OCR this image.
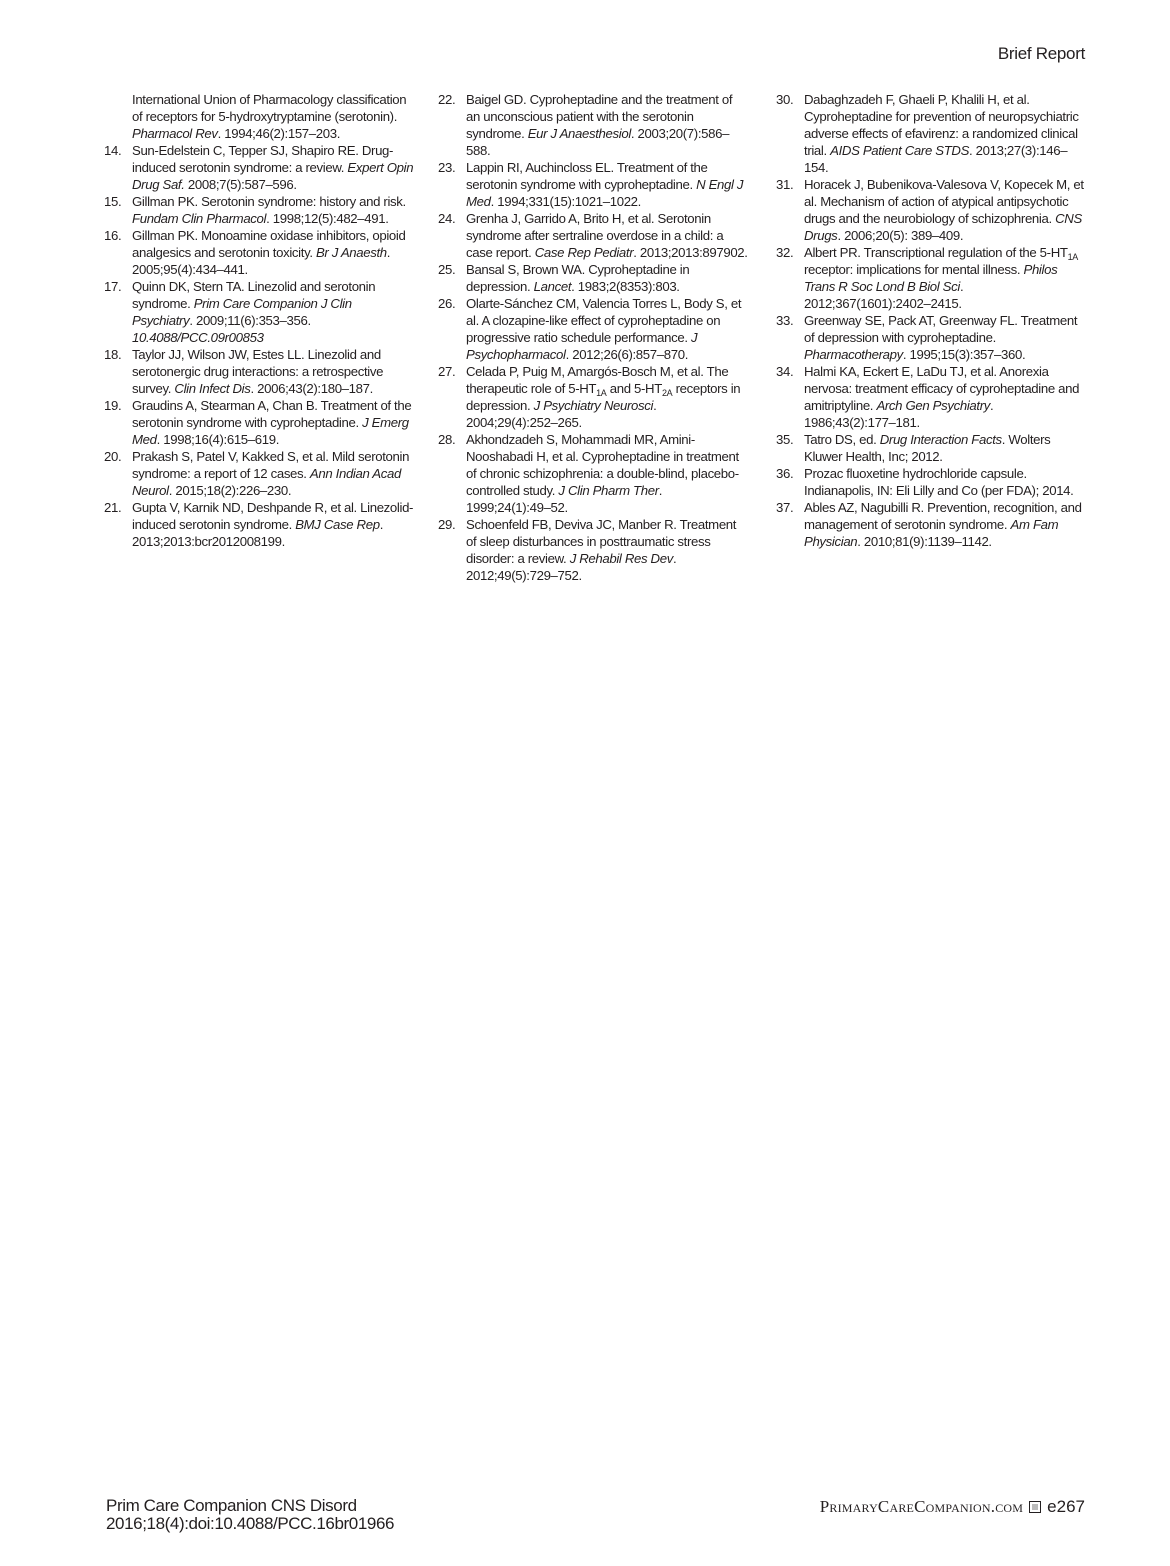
Brief Report
International Union of Pharmacology classification of receptors for 5-hydroxytryptamine (serotonin). Pharmacol Rev. 1994;46(2):157–203.
14. Sun-Edelstein C, Tepper SJ, Shapiro RE. Drug-induced serotonin syndrome: a review. Expert Opin Drug Saf. 2008;7(5):587–596.
15. Gillman PK. Serotonin syndrome: history and risk. Fundam Clin Pharmacol. 1998;12(5):482–491.
16. Gillman PK. Monoamine oxidase inhibitors, opioid analgesics and serotonin toxicity. Br J Anaesth. 2005;95(4):434–441.
17. Quinn DK, Stern TA. Linezolid and serotonin syndrome. Prim Care Companion J Clin Psychiatry. 2009;11(6):353–356. 10.4088/PCC.09r00853
18. Taylor JJ, Wilson JW, Estes LL. Linezolid and serotonergic drug interactions: a retrospective survey. Clin Infect Dis. 2006;43(2):180–187.
19. Graudins A, Stearman A, Chan B. Treatment of the serotonin syndrome with cyproheptadine. J Emerg Med. 1998;16(4):615–619.
20. Prakash S, Patel V, Kakked S, et al. Mild serotonin syndrome: a report of 12 cases. Ann Indian Acad Neurol. 2015;18(2):226–230.
21. Gupta V, Karnik ND, Deshpande R, et al. Linezolid-induced serotonin syndrome. BMJ Case Rep. 2013;2013:bcr2012008199.
22. Baigel GD. Cyproheptadine and the treatment of an unconscious patient with the serotonin syndrome. Eur J Anaesthesiol. 2003;20(7):586–588.
23. Lappin RI, Auchincloss EL. Treatment of the serotonin syndrome with cyproheptadine. N Engl J Med. 1994;331(15):1021–1022.
24. Grenha J, Garrido A, Brito H, et al. Serotonin syndrome after sertraline overdose in a child: a case report. Case Rep Pediatr. 2013;2013:897902.
25. Bansal S, Brown WA. Cyproheptadine in depression. Lancet. 1983;2(8353):803.
26. Olarte-Sánchez CM, Valencia Torres L, Body S, et al. A clozapine-like effect of cyproheptadine on progressive ratio schedule performance. J Psychopharmacol. 2012;26(6):857–870.
27. Celada P, Puig M, Amargós-Bosch M, et al. The therapeutic role of $5-HT_{1A}$ and $5-HT_{2A}$ receptors in depression. J Psychiatry Neurosci. 2004;29(4):252–265.
28. Akhondzadeh S, Mohammadi MR, Amini-Nooshabadi H, et al. Cyproheptadine in treatment of chronic schizophrenia: a double-blind, placebo-controlled study. J Clin Pharm Ther. 1999;24(1):49–52.
29. Schoenfeld FB, Deviva JC, Manber R. Treatment of sleep disturbances in posttraumatic stress disorder: a review. J Rehabil Res Dev. 2012;49(5):729–752.
30. Dabaghzadeh F, Ghaeli P, Khalili H, et al. Cyproheptadine for prevention of neuropsychiatric adverse effects of efavirenz: a randomized clinical trial. AIDS Patient Care STDS. 2013;27(3):146–154.
31. Horacek J, Bubenikova-Valesova V, Kopecek M, et al. Mechanism of action of atypical antipsychotic drugs and the neurobiology of schizophrenia. CNS Drugs. 2006;20(5): 389–409.
32. Albert PR. Transcriptional regulation of the $5-HT_{1A}$ receptor: implications for mental illness. Philos Trans R Soc Lond B Biol Sci. 2012;367(1601):2402–2415.
33. Greenway SE, Pack AT, Greenway FL. Treatment of depression with cyproheptadine. Pharmacotherapy. 1995;15(3):357–360.
34. Halmi KA, Eckert E, LaDu TJ, et al. Anorexia nervosa: treatment efficacy of cyproheptadine and amitriptyline. Arch Gen Psychiatry. 1986;43(2):177–181.
35. Tatro DS, ed. Drug Interaction Facts. Wolters Kluwer Health, Inc; 2012.
36. Prozac fluoxetine hydrochloride capsule. Indianapolis, IN: Eli Lilly and Co (per FDA); 2014.
37. Ables AZ, Nagubilli R. Prevention, recognition, and management of serotonin syndrome. Am Fam Physician. 2010;81(9):1139–1142.
Prim Care Companion CNS Disord
2016;18(4):doi:10.4088/PCC.16br01966
PrimaryCareCompanion.com e267
